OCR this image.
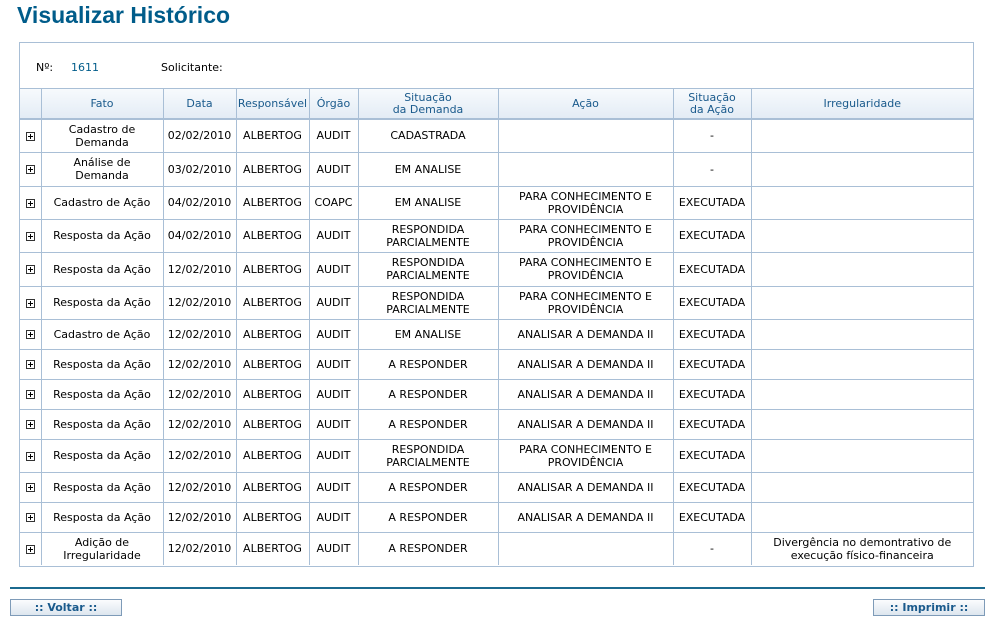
Visualizar Histórico
Nº: 1611	Solicitante:
	Fato	Data	Responsável	Órgão	Situação
da Demanda	Ação	Situação
da Ação	Irregularidade
	Cadastro de
Demanda	02/02/2010	ALBERTOG	AUDIT	CADASTRADA		-	
	Análise de
Demanda	03/02/2010	ALBERTOG	AUDIT	EM ANALISE		-	
	Cadastro de Ação	04/02/2010	ALBERTOG	COAPC	EM ANALISE	PARA CONHECIMENTO E
PROVIDÊNCIA	EXECUTADA	
	Resposta da Ação	04/02/2010	ALBERTOG	AUDIT	RESPONDIDA
PARCIALMENTE	PARA CONHECIMENTO E
PROVIDÊNCIA	EXECUTADA	
	Resposta da Ação	12/02/2010	ALBERTOG	AUDIT	RESPONDIDA
PARCIALMENTE	PARA CONHECIMENTO E
PROVIDÊNCIA	EXECUTADA	
	Resposta da Ação	12/02/2010	ALBERTOG	AUDIT	RESPONDIDA
PARCIALMENTE	PARA CONHECIMENTO E
PROVIDÊNCIA	EXECUTADA	
	Cadastro de Ação	12/02/2010	ALBERTOG	AUDIT	EM ANALISE	ANALISAR A DEMANDA II	EXECUTADA	
	Resposta da Ação	12/02/2010	ALBERTOG	AUDIT	A RESPONDER	ANALISAR A DEMANDA II	EXECUTADA	
	Resposta da Ação	12/02/2010	ALBERTOG	AUDIT	A RESPONDER	ANALISAR A DEMANDA II	EXECUTADA	
	Resposta da Ação	12/02/2010	ALBERTOG	AUDIT	A RESPONDER	ANALISAR A DEMANDA II	EXECUTADA	
	Resposta da Ação	12/02/2010	ALBERTOG	AUDIT	RESPONDIDA
PARCIALMENTE	PARA CONHECIMENTO E
PROVIDÊNCIA	EXECUTADA	
	Resposta da Ação	12/02/2010	ALBERTOG	AUDIT	A RESPONDER	ANALISAR A DEMANDA II	EXECUTADA	
	Resposta da Ação	12/02/2010	ALBERTOG	AUDIT	A RESPONDER	ANALISAR A DEMANDA II	EXECUTADA	
	Adição de
Irregularidade	12/02/2010	ALBERTOG	AUDIT	A RESPONDER		-	Divergência no demontrativo de
execução físico-financeira
:: Voltar ::	:: Imprimir ::
